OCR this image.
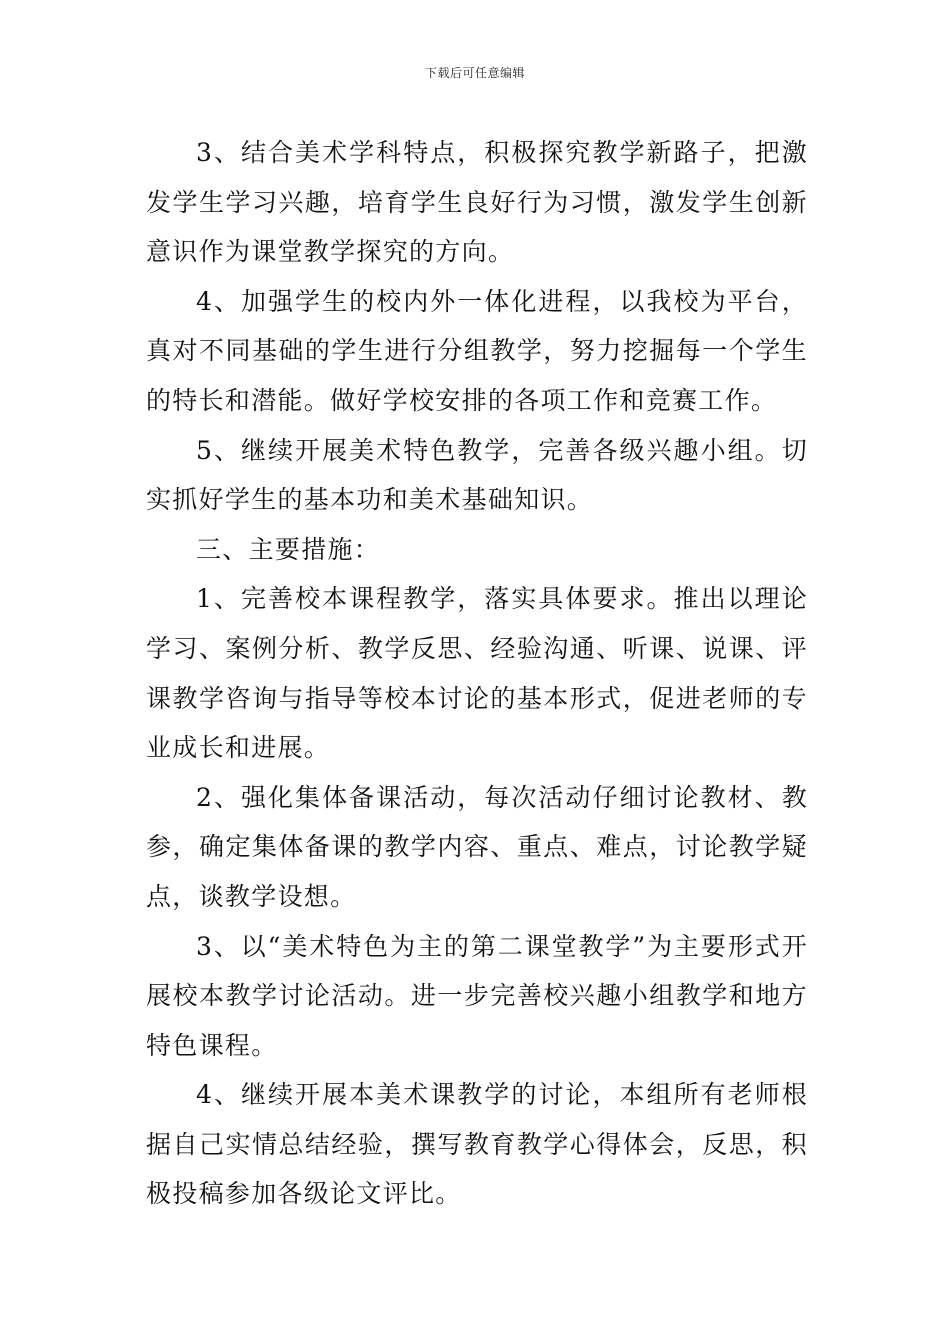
下载后可任意编辑

3、结合美术学科特点，积极探究教学新路子，把激发学生学习兴趣，培育学生良好行为习惯，激发学生创新意识作为课堂教学探究的方向。

4、加强学生的校内外一体化进程，以我校为平台，真对不同基础的学生进行分组教学，努力挖掘每一个学生的特长和潜能。做好学校安排的各项工作和竞赛工作。

5、继续开展美术特色教学，完善各级兴趣小组。切实抓好学生的基本功和美术基础知识。

三、主要措施：

1、完善校本课程教学，落实具体要求。推出以理论学习、案例分析、教学反思、经验沟通、听课、说课、评课教学咨询与指导等校本讨论的基本形式，促进老师的专业成长和进展。

2、强化集体备课活动，每次活动仔细讨论教材、教参，确定集体备课的教学内容、重点、难点，讨论教学疑点，谈教学设想。

3、以“美术特色为主的第二课堂教学”为主要形式开展校本教学讨论活动。进一步完善校兴趣小组教学和地方特色课程。

4、继续开展本美术课教学的讨论，本组所有老师根据自己实情总结经验，撰写教育教学心得体会，反思，积极投稿参加各级论文评比。
